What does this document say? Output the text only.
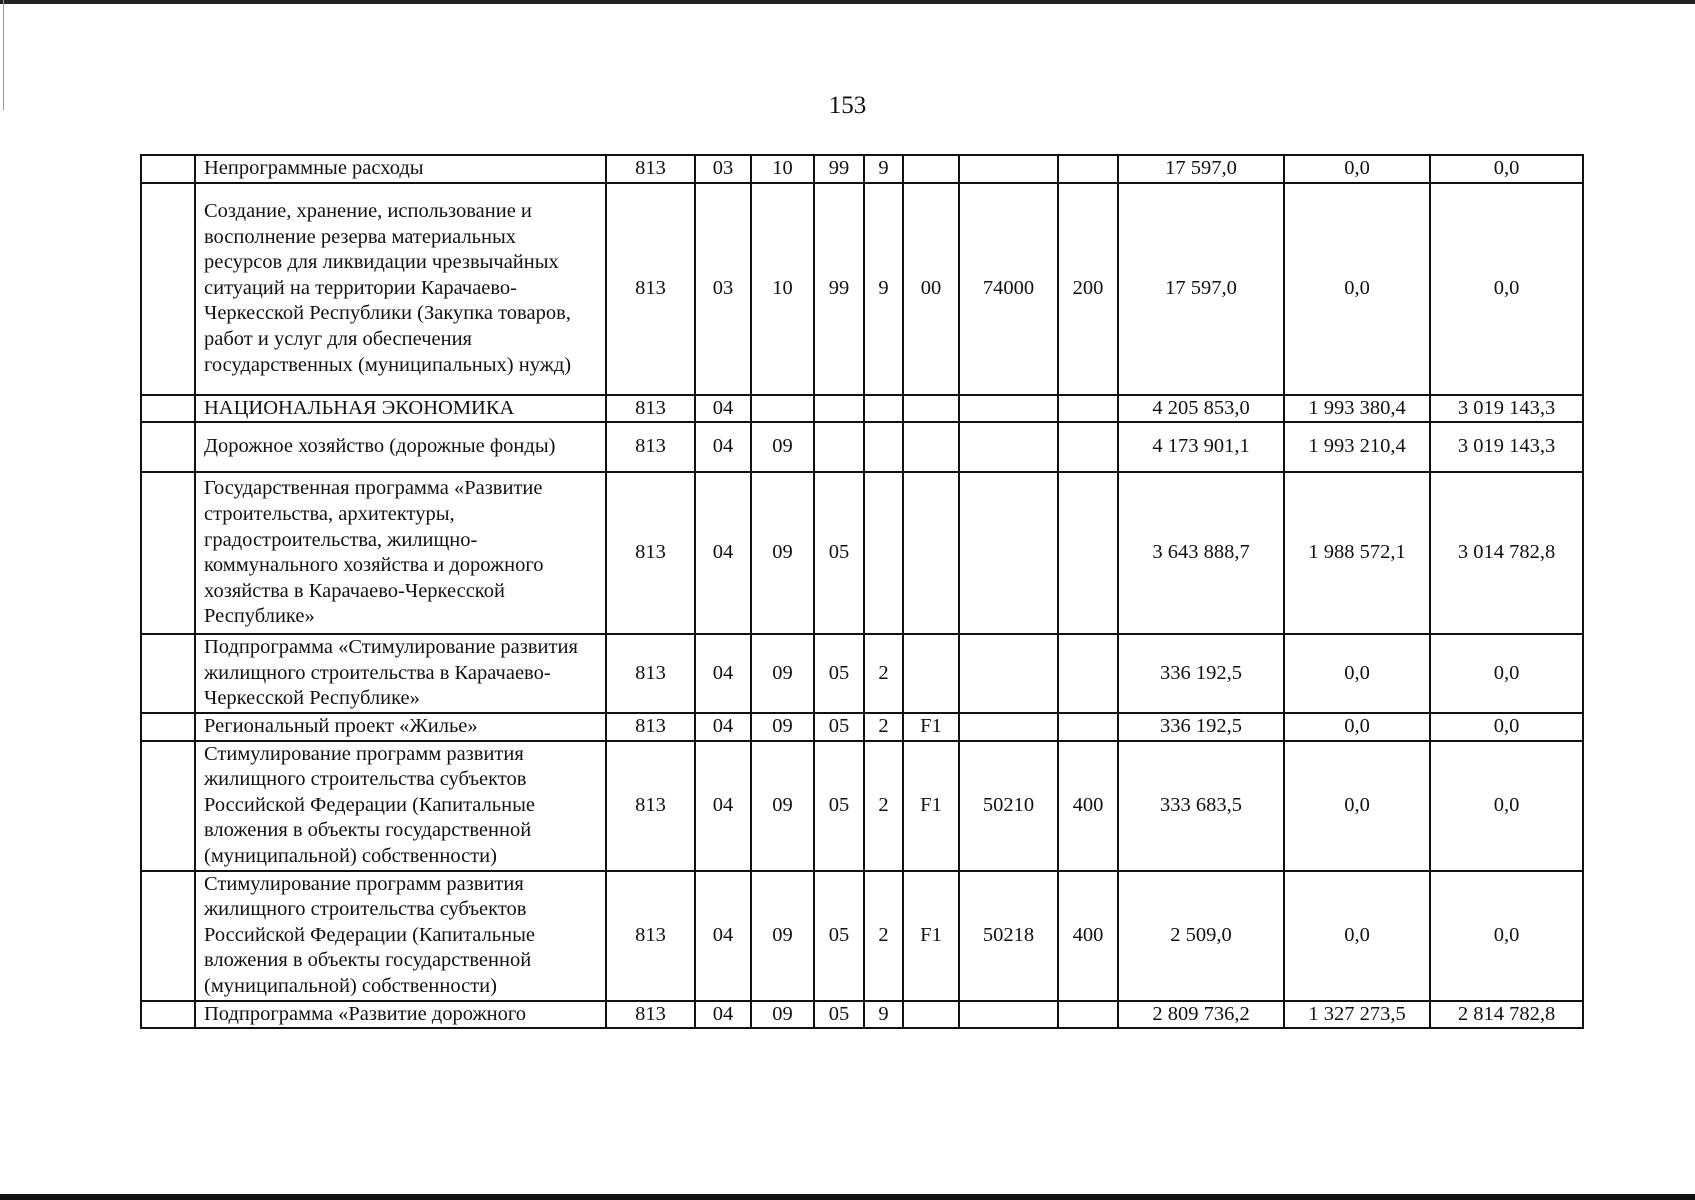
153
	Непрограммные расходы	813	03	10	99	9				17 597,0	0,0	0,0
	Создание, хранение, использование и восполнение резерва материальных ресурсов для ликвидации чрезвычайных ситуаций на территории Карачаево-Черкесской Республики (Закупка товаров, работ и услуг для обеспечения государственных (муниципальных) нужд)	813	03	10	99	9	00	74000	200	17 597,0	0,0	0,0
	НАЦИОНАЛЬНАЯ ЭКОНОМИКА	813	04							4 205 853,0	1 993 380,4	3 019 143,3
	Дорожное хозяйство (дорожные фонды)	813	04	09						4 173 901,1	1 993 210,4	3 019 143,3
	Государственная программа «Развитие строительства, архитектуры, градостроительства, жилищно-коммунального хозяйства и дорожного хозяйства в Карачаево-Черкесской Республике»	813	04	09	05					3 643 888,7	1 988 572,1	3 014 782,8
	Подпрограмма «Стимулирование развития жилищного строительства в Карачаево-Черкесской Республике»	813	04	09	05	2				336 192,5	0,0	0,0
	Региональный проект «Жилье»	813	04	09	05	2	F1			336 192,5	0,0	0,0
	Стимулирование программ развития жилищного строительства субъектов Российской Федерации (Капитальные вложения в объекты государственной (муниципальной) собственности)	813	04	09	05	2	F1	50210	400	333 683,5	0,0	0,0
	Стимулирование программ развития жилищного строительства субъектов Российской Федерации (Капитальные вложения в объекты государственной (муниципальной) собственности)	813	04	09	05	2	F1	50218	400	2 509,0	0,0	0,0
	Подпрограмма «Развитие дорожного	813	04	09	05	9				2 809 736,2	1 327 273,5	2 814 782,8
